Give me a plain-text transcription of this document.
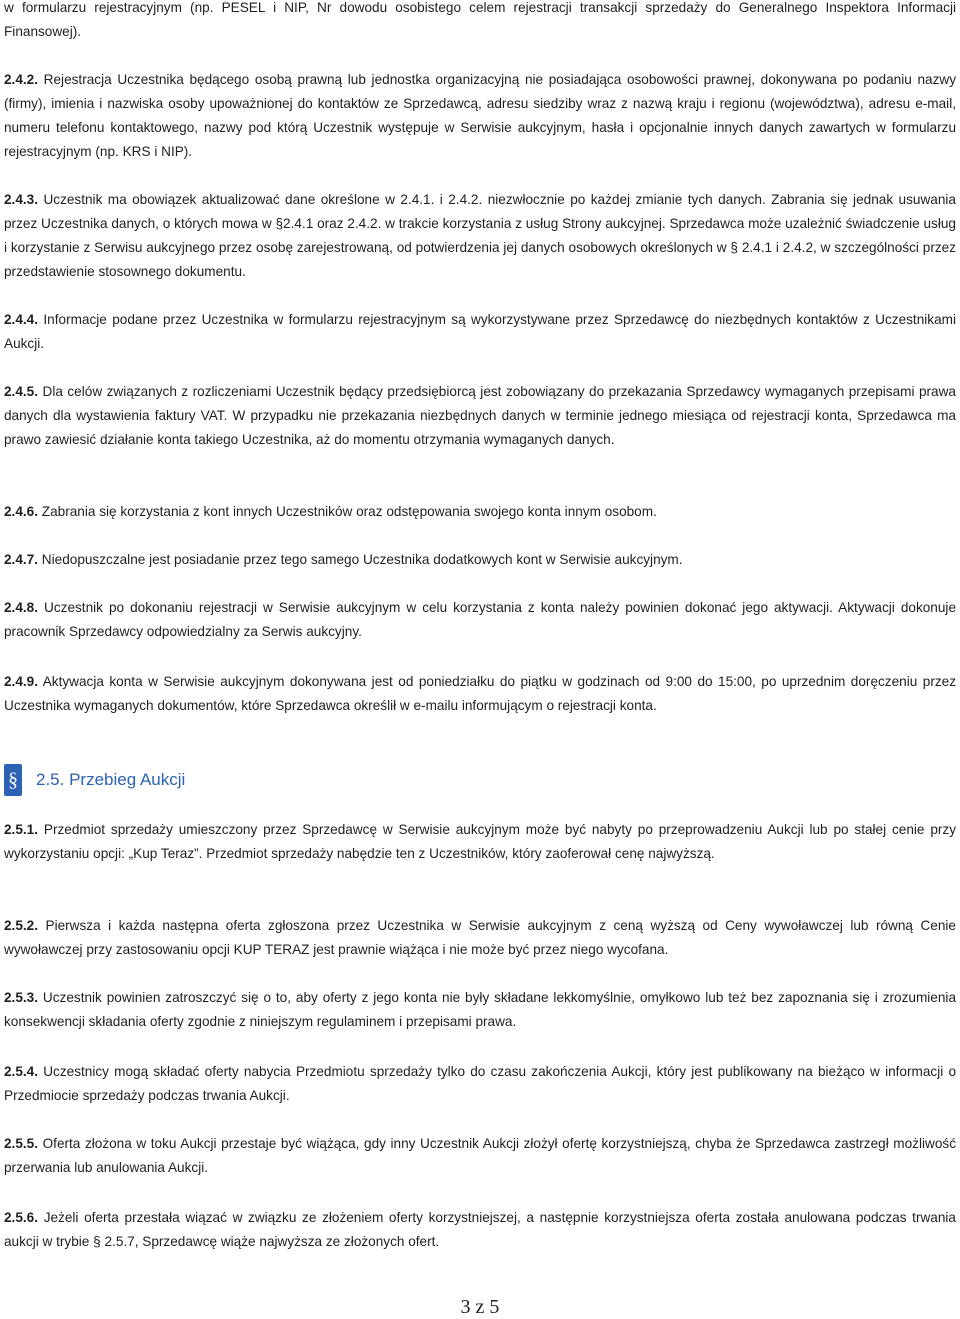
w formularzu rejestracyjnym (np. PESEL i NIP, Nr dowodu osobistego celem rejestracji transakcji sprzedaży do Generalnego Inspektora Informacji Finansowej).

2.4.2. Rejestracja Uczestnika będącego osobą prawną lub jednostka organizacyjną nie posiadająca osobowości prawnej, dokonywana po podaniu nazwy (firmy), imienia i nazwiska osoby upoważnionej do kontaktów ze Sprzedawcą, adresu siedziby wraz z nazwą kraju i regionu (województwa), adresu e-mail, numeru telefonu kontaktowego, nazwy pod którą Uczestnik występuje w Serwisie aukcyjnym, hasła i opcjonalnie innych danych zawartych w formularzu rejestracyjnym (np. KRS i NIP).

2.4.3. Uczestnik ma obowiązek aktualizować dane określone w 2.4.1. i 2.4.2. niezwłocznie po każdej zmianie tych danych. Zabrania się jednak usuwania przez Uczestnika danych, o których mowa w §2.4.1 oraz 2.4.2. w trakcie korzystania z usług Strony aukcyjnej. Sprzedawca może uzależnić świadczenie usług i korzystanie z Serwisu aukcyjnego przez osobę zarejestrowaną, od potwierdzenia jej danych osobowych określonych w § 2.4.1 i 2.4.2, w szczególności przez przedstawienie stosownego dokumentu.

2.4.4. Informacje podane przez Uczestnika w formularzu rejestracyjnym są wykorzystywane przez Sprzedawcę do niezbędnych kontaktów z Uczestnikami Aukcji.

2.4.5. Dla celów związanych z rozliczeniami Uczestnik będący przedsiębiorcą jest zobowiązany do przekazania Sprzedawcy wymaganych przepisami prawa danych dla wystawienia faktury VAT. W przypadku nie przekazania niezbędnych danych w terminie jednego miesiąca od rejestracji konta, Sprzedawca ma prawo zawiesić działanie konta takiego Uczestnika, aż do momentu otrzymania wymaganych danych.

2.4.6. Zabrania się korzystania z kont innych Uczestników oraz odstępowania swojego konta innym osobom.

2.4.7. Niedopuszczalne jest posiadanie przez tego samego Uczestnika dodatkowych kont w Serwisie aukcyjnym.

2.4.8. Uczestnik po dokonaniu rejestracji w Serwisie aukcyjnym w celu korzystania z konta należy powinien dokonać jego aktywacji. Aktywacji dokonuje pracownik Sprzedawcy odpowiedzialny za Serwis aukcyjny.

2.4.9. Aktywacja konta w Serwisie aukcyjnym dokonywana jest od poniedziałku do piątku w godzinach od 9:00 do 15:00, po uprzednim doręczeniu przez Uczestnika wymaganych dokumentów, które Sprzedawca określił w e-mailu informującym o rejestracji konta.

§ 2.5. Przebieg Aukcji

2.5.1. Przedmiot sprzedaży umieszczony przez Sprzedawcę w Serwisie aukcyjnym może być nabyty po przeprowadzeniu Aukcji lub po stałej cenie przy wykorzystaniu opcji: „Kup Teraz”. Przedmiot sprzedaży nabędzie ten z Uczestników, który zaoferował cenę najwyższą.

2.5.2. Pierwsza i każda następna oferta zgłoszona przez Uczestnika w Serwisie aukcyjnym z ceną wyższą od Ceny wywoławczej lub równą Cenie wywoławczej przy zastosowaniu opcji KUP TERAZ jest prawnie wiążąca i nie może być przez niego wycofana.

2.5.3. Uczestnik powinien zatroszczyć się o to, aby oferty z jego konta nie były składane lekkomyślnie, omyłkowo lub też bez zapoznania się i zrozumienia konsekwencji składania oferty zgodnie z niniejszym regulaminem i przepisami prawa.

2.5.4. Uczestnicy mogą składać oferty nabycia Przedmiotu sprzedaży tylko do czasu zakończenia Aukcji, który jest publikowany na bieżąco w informacji o Przedmiocie sprzedaży podczas trwania Aukcji.

2.5.5. Oferta złożona w toku Aukcji przestaje być wiążąca, gdy inny Uczestnik Aukcji złożył ofertę korzystniejszą, chyba że Sprzedawca zastrzegł możliwość przerwania lub anulowania Aukcji.

2.5.6. Jeżeli oferta przestała wiązać w związku ze złożeniem oferty korzystniejszej, a następnie korzystniejsza oferta została anulowana podczas trwania aukcji w trybie § 2.5.7, Sprzedawcę wiąże najwyższa ze złożonych ofert.

3 z 5
